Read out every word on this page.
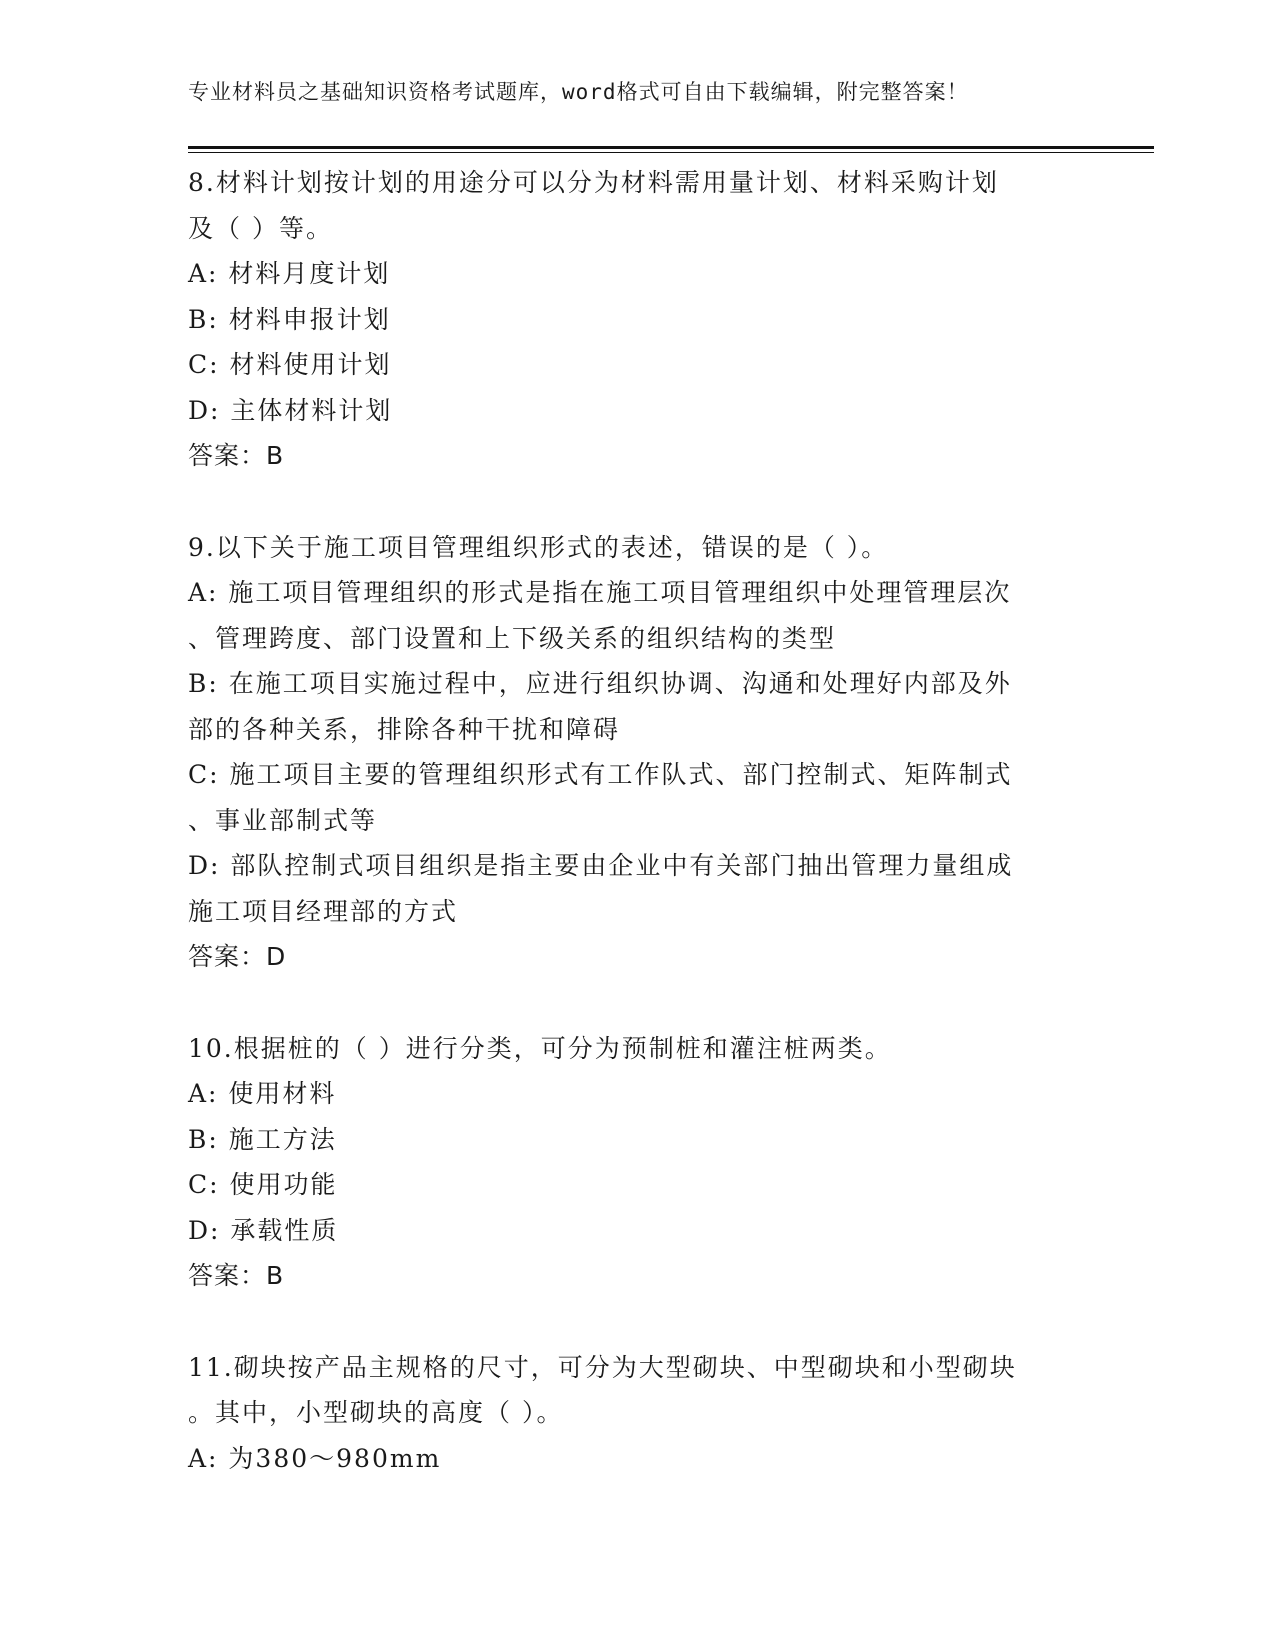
专业材料员之基础知识资格考试题库，word格式可自由下载编辑，附完整答案！
8.材料计划按计划的用途分可以分为材料需用量计划、材料采购计划
及（ ）等。
A: 材料月度计划
B: 材料申报计划
C: 材料使用计划
D: 主体材料计划
答案：B
9.以下关于施工项目管理组织形式的表述，错误的是（ ）。
A: 施工项目管理组织的形式是指在施工项目管理组织中处理管理层次
、管理跨度、部门设置和上下级关系的组织结构的类型
B: 在施工项目实施过程中，应进行组织协调、沟通和处理好内部及外
部的各种关系，排除各种干扰和障碍
C: 施工项目主要的管理组织形式有工作队式、部门控制式、矩阵制式
、事业部制式等
D: 部队控制式项目组织是指主要由企业中有关部门抽出管理力量组成
施工项目经理部的方式
答案：D
10.根据桩的（ ）进行分类，可分为预制桩和灌注桩两类。
A: 使用材料
B: 施工方法
C: 使用功能
D: 承载性质
答案：B
11.砌块按产品主规格的尺寸，可分为大型砌块、中型砌块和小型砌块
。其中，小型砌块的高度（ ）。
A: 为380～980mm
